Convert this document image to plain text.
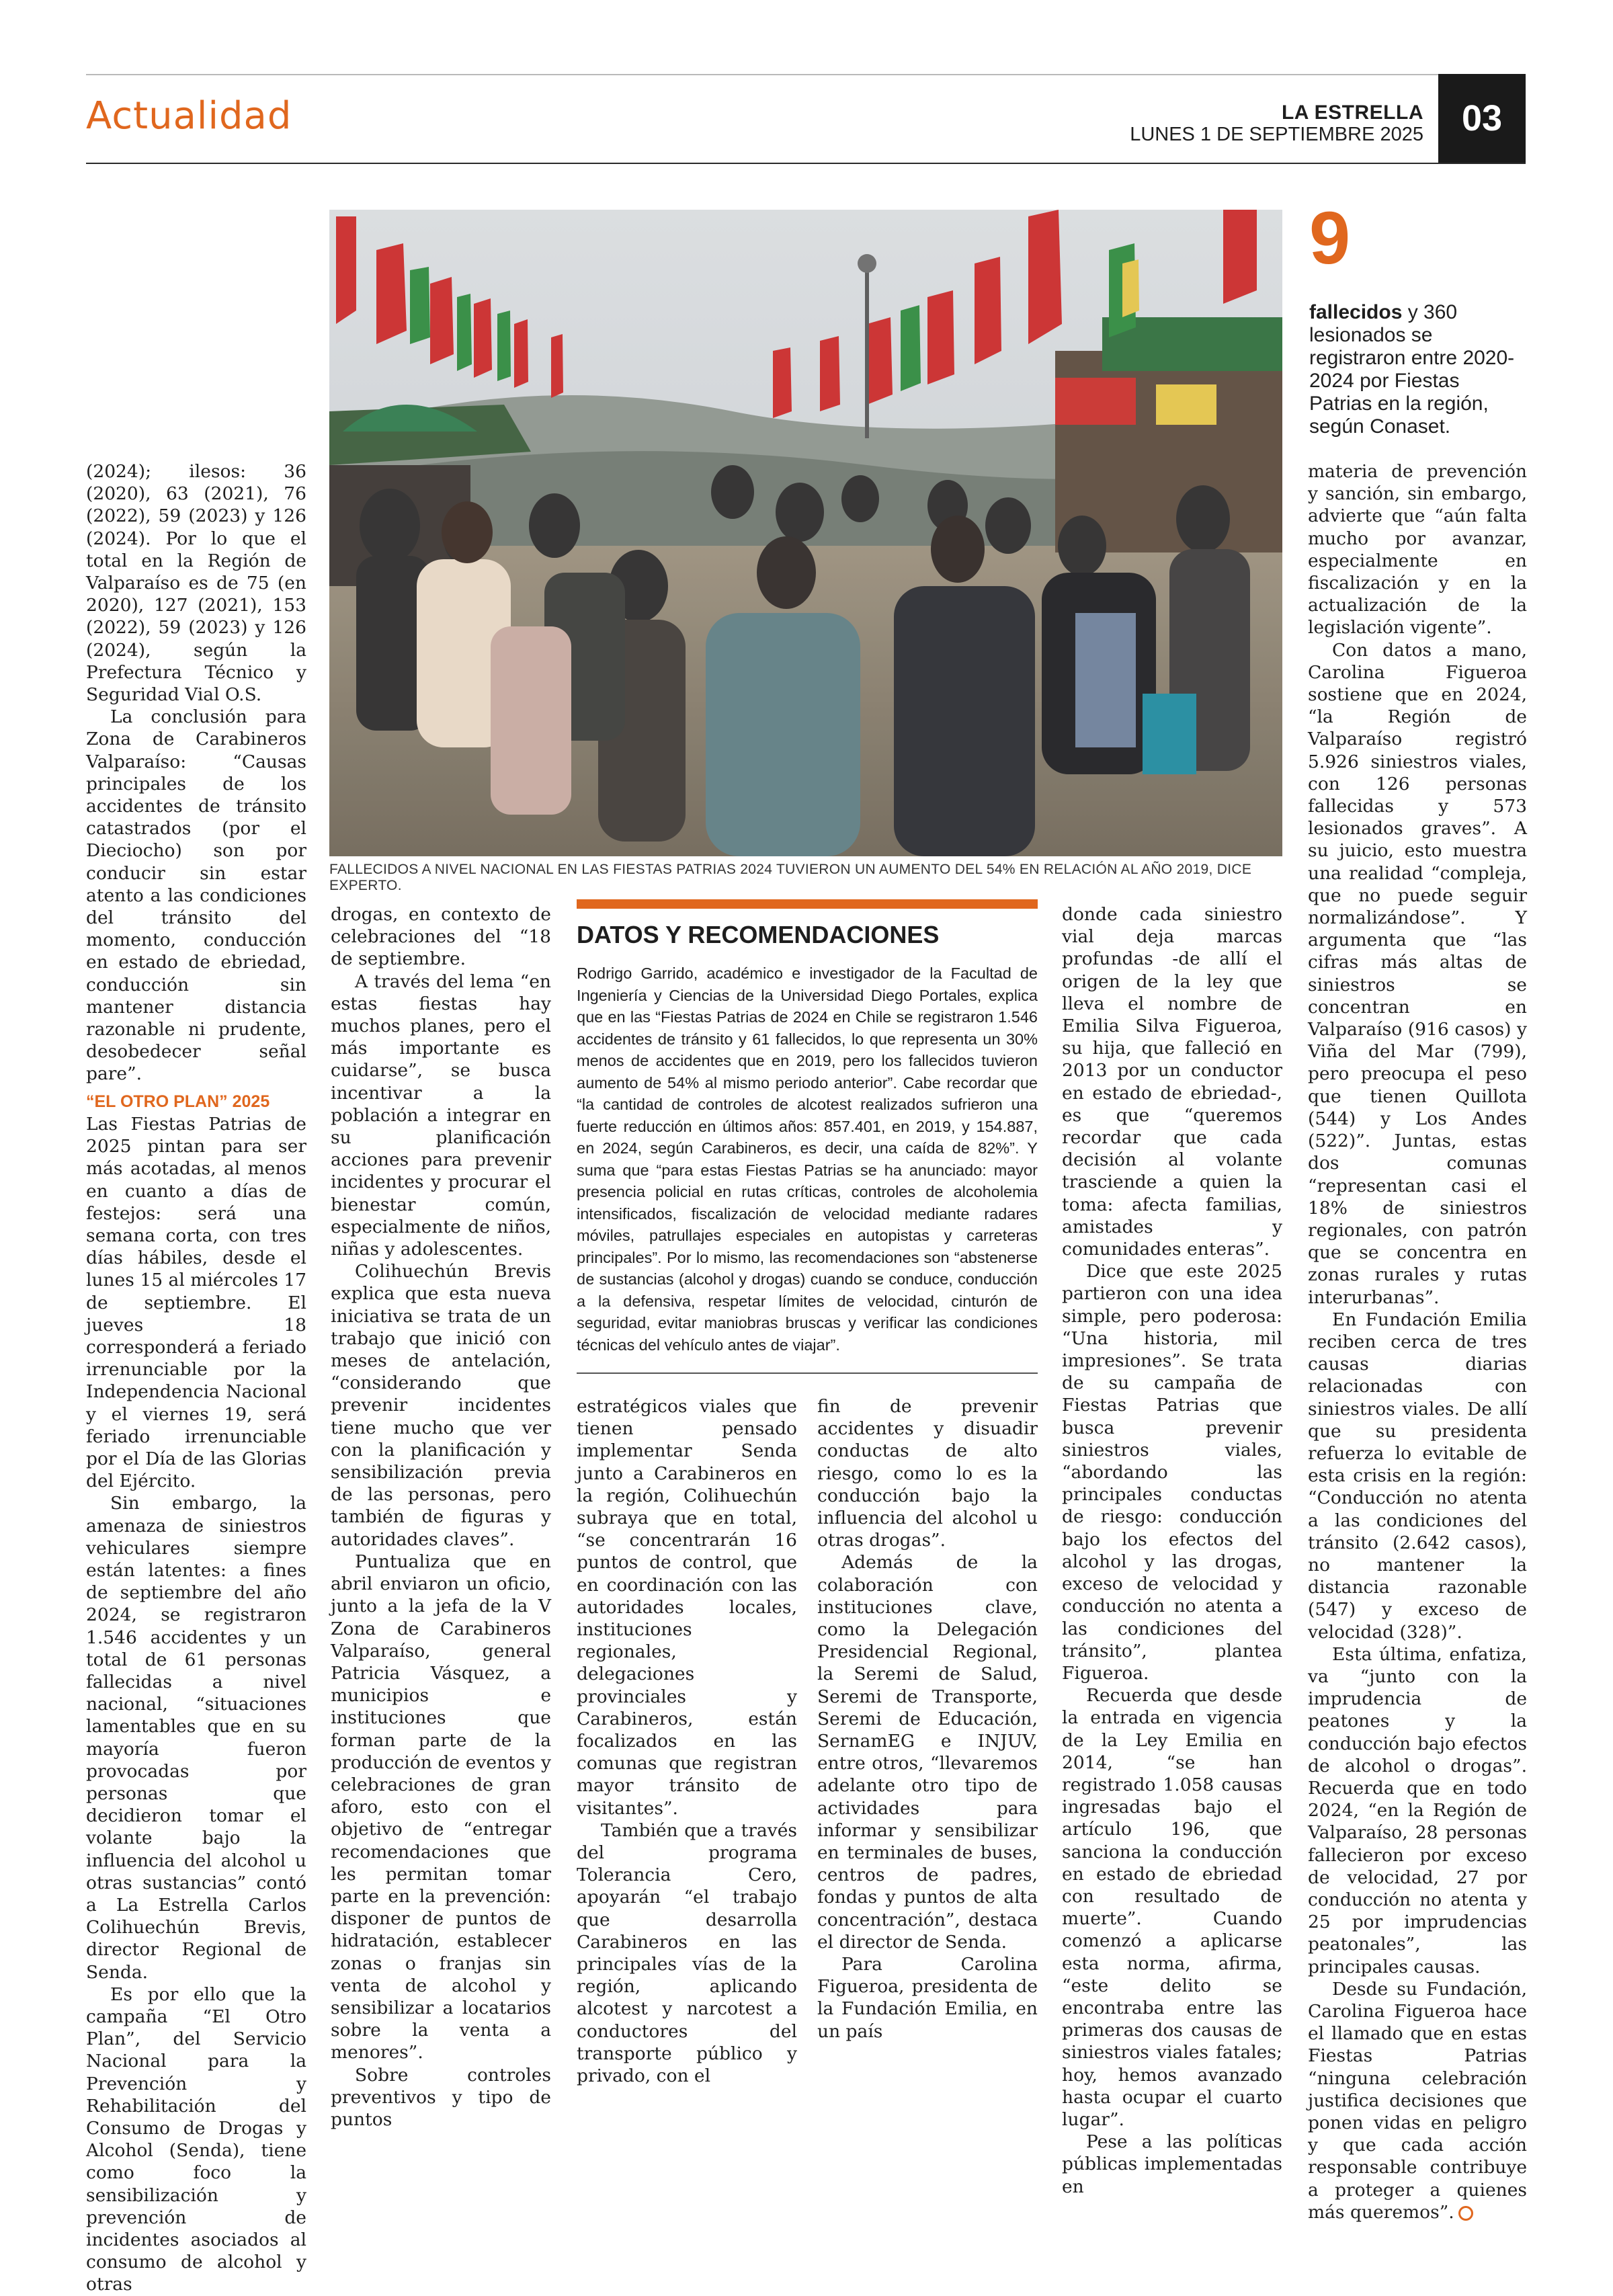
Actualidad	LA ESTRELLA
LUNES 1 DE SEPTIEMBRE 2025	03
FALLECIDOS A NIVEL NACIONAL EN LAS FIESTAS PATRIAS 2024 TUVIERON UN AUMENTO DEL 54% EN RELACIÓN AL AÑO 2019, DICE EXPERTO.
9
fallecidos y 360 lesionados se registraron entre 2020-2024 por Fiestas Patrias en la región, según Conaset.

(2024); ilesos: 36 (2020), 63 (2021), 76 (2022), 59 (2023) y 126 (2024). Por lo que el total en la Región de Valparaíso es de 75 (en 2020), 127 (2021), 153 (2022), 59 (2023) y 126 (2024), según la Prefectura Técnico y Seguridad Vial O.S.

La conclusión para Zona de Carabineros Valparaíso: “Causas principales de los accidentes de tránsito catastrados (por el Dieciocho) son por conducir sin estar atento a las condiciones del tránsito del momento, conducción en estado de ebriedad, conducción sin mantener distancia razonable ni prudente, desobedecer señal pare”.

“EL OTRO PLAN” 2025

Las Fiestas Patrias de 2025 pintan para ser más acotadas, al menos en cuanto a días de festejos: será una semana corta, con tres días hábiles, desde el lunes 15 al miércoles 17 de septiembre. El jueves 18 corresponderá a feriado irrenunciable por la Independencia Nacional y el viernes 19, será feriado irrenunciable por el Día de las Glorias del Ejército.

Sin embargo, la amenaza de siniestros vehiculares siempre están latentes: a fines de septiembre del año 2024, se registraron 1.546 accidentes y un total de 61 personas fallecidas a nivel nacional, “situaciones lamentables que en su mayoría fueron provocadas por personas que decidieron tomar el volante bajo la influencia del alcohol u otras sustancias” contó a La Estrella Carlos Colihuechún Brevis, director Regional de Senda.

Es por ello que la campaña “El Otro Plan”, del Servicio Nacional para la Prevención y Rehabilitación del Consumo de Drogas y Alcohol (Senda), tiene como foco la sensibilización y prevención de incidentes asociados al consumo de alcohol y otras

drogas, en contexto de celebraciones del “18 de septiembre.

A través del lema “en estas fiestas hay muchos planes, pero el más importante es cuidarse”, se busca incentivar a la población a integrar en su planificación acciones para prevenir incidentes y procurar el bienestar común, especialmente de niños, niñas y adolescentes.

Colihuechún Brevis explica que esta nueva iniciativa se trata de un trabajo que inició con meses de antelación, “considerando que prevenir incidentes tiene mucho que ver con la planificación y sensibilización previa de las personas, pero también de figuras y autoridades claves”.

Puntualiza que en abril enviaron un oficio, junto a la jefa de la V Zona de Carabineros Valparaíso, general Patricia Vásquez, a municipios e instituciones que forman parte de la producción de eventos y celebraciones de gran aforo, esto con el objetivo de “entregar recomendaciones que les permitan tomar parte en la prevención: disponer de puntos de hidratación, establecer zonas o franjas sin venta de alcohol y sensibilizar a locatarios sobre la venta a menores”.

Sobre controles preventivos y tipo de puntos

DATOS Y RECOMENDACIONES
Rodrigo Garrido, académico e investigador de la Facultad de Ingeniería y Ciencias de la Universidad Diego Portales, explica que en las “Fiestas Patrias de 2024 en Chile se registraron 1.546 accidentes de tránsito y 61 fallecidos, lo que representa un 30% menos de accidentes que en 2019, pero los fallecidos tuvieron aumento de 54% al mismo periodo anterior”. Cabe recordar que “la cantidad de controles de alcotest realizados sufrieron una fuerte reducción en últimos años: 857.401, en 2019, y 154.887, en 2024, según Carabineros, es decir, una caída de 82%”. Y suma que “para estas Fiestas Patrias se ha anunciado: mayor presencia policial en rutas críticas, controles de alcoholemia intensificados, fiscalización de velocidad mediante radares móviles, patrullajes especiales en autopistas y carreteras principales”. Por lo mismo, las recomendaciones son “abstenerse de sustancias (alcohol y drogas) cuando se conduce, conducción a la defensiva, respetar límites de velocidad, cinturón de seguridad, evitar maniobras bruscas y verificar las condiciones técnicas del vehículo antes de viajar”.

estratégicos viales que tienen pensado implementar Senda junto a Carabineros en la región, Colihuechún subraya que en total, “se concentrarán 16 puntos de control, que en coordinación con las autoridades locales, instituciones regionales, delegaciones provinciales y Carabineros, están focalizados en las comunas que registran mayor tránsito de visitantes”.

También que a través del programa Tolerancia Cero, apoyarán “el trabajo que desarrolla Carabineros en las principales vías de la región, aplicando alcotest y narcotest a conductores del transporte público y privado, con el

fin de prevenir accidentes y disuadir conductas de alto riesgo, como lo es la conducción bajo la influencia del alcohol u otras drogas”.

Además de la colaboración con instituciones clave, como la Delegación Presidencial Regional, la Seremi de Salud, Seremi de Transporte, Seremi de Educación, SernamEG e INJUV, entre otros, “llevaremos adelante otro tipo de actividades para informar y sensibilizar en terminales de buses, centros de padres, fondas y puntos de alta concentración”, destaca el director de Senda.

Para Carolina Figueroa, presidenta de la Fundación Emilia, en un país

donde cada siniestro vial deja marcas profundas -de allí el origen de la ley que lleva el nombre de Emilia Silva Figueroa, su hija, que falleció en 2013 por un conductor en estado de ebriedad-, es que “queremos recordar que cada decisión al volante trasciende a quien la toma: afecta familias, amistades y comunidades enteras”.

Dice que este 2025 partieron con una idea simple, pero poderosa: “Una historia, mil impresiones”. Se trata de su campaña de Fiestas Patrias que busca prevenir siniestros viales, “abordando las principales conductas de riesgo: conducción bajo los efectos del alcohol y las drogas, exceso de velocidad y conducción no atenta a las condiciones del tránsito”, plantea Figueroa.

Recuerda que desde la entrada en vigencia de la Ley Emilia en 2014, “se han registrado 1.058 causas ingresadas bajo el artículo 196, que sanciona la conducción en estado de ebriedad con resultado de muerte”. Cuando comenzó a aplicarse esta norma, afirma, “este delito se encontraba entre las primeras dos causas de siniestros viales fatales; hoy, hemos avanzado hasta ocupar el cuarto lugar”.

Pese a las políticas públicas implementadas en

materia de prevención y sanción, sin embargo, advierte que “aún falta mucho por avanzar, especialmente en fiscalización y en la actualización de la legislación vigente”.

Con datos a mano, Carolina Figueroa sostiene que en 2024, “la Región de Valparaíso registró 5.926 siniestros viales, con 126 personas fallecidas y 573 lesionados graves”. A su juicio, esto muestra una realidad “compleja, que no puede seguir normalizándose”. Y argumenta que “las cifras más altas de siniestros se concentran en Valparaíso (916 casos) y Viña del Mar (799), pero preocupa el peso que tienen Quillota (544) y Los Andes (522)”. Juntas, estas dos comunas “representan casi el 18% de siniestros regionales, con patrón que se concentra en zonas rurales y rutas interurbanas”.

En Fundación Emilia reciben cerca de tres causas diarias relacionadas con siniestros viales. De allí que su presidenta refuerza lo evitable de esta crisis en la región: “Conducción no atenta a las condiciones del tránsito (2.642 casos), no mantener la distancia razonable (547) y exceso de velocidad (328)”.

Esta última, enfatiza, va “junto con la imprudencia de peatones y la conducción bajo efectos de alcohol o drogas”. Recuerda que en todo 2024, “en la Región de Valparaíso, 28 personas fallecieron por exceso de velocidad, 27 por conducción no atenta y 25 por imprudencias peatonales”, las principales causas.

Desde su Fundación, Carolina Figueroa hace el llamado que en estas Fiestas Patrias “ninguna celebración justifica decisiones que ponen vidas en peligro y que cada acción responsable contribuye a proteger a quienes más queremos”.
